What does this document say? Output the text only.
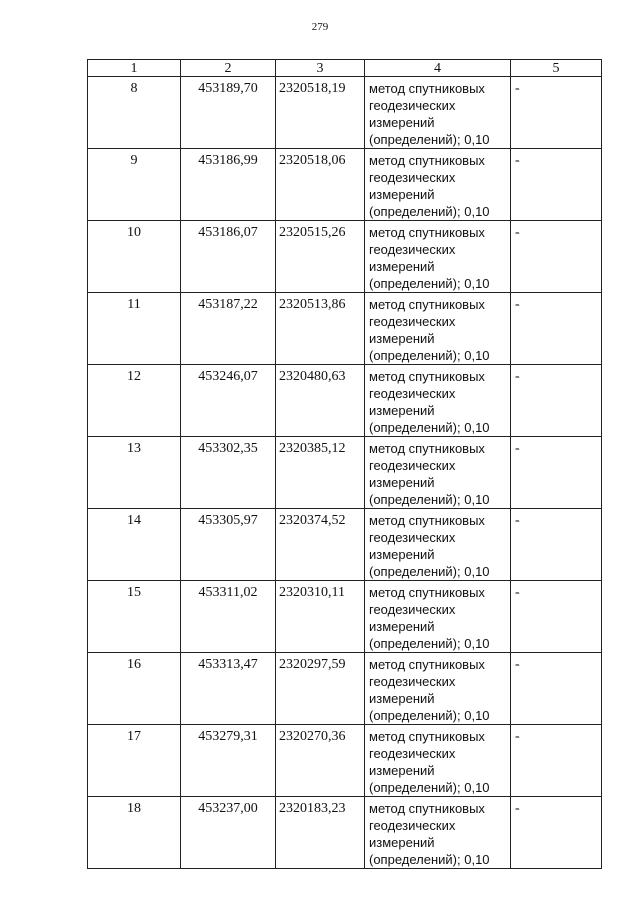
279
1	2	3	4	5
8	453189,70	2320518,19	метод спутниковых
геодезических
измерений
(определений); 0,10	-
9	453186,99	2320518,06	метод спутниковых
геодезических
измерений
(определений); 0,10	-
10	453186,07	2320515,26	метод спутниковых
геодезических
измерений
(определений); 0,10	-
11	453187,22	2320513,86	метод спутниковых
геодезических
измерений
(определений); 0,10	-
12	453246,07	2320480,63	метод спутниковых
геодезических
измерений
(определений); 0,10	-
13	453302,35	2320385,12	метод спутниковых
геодезических
измерений
(определений); 0,10	-
14	453305,97	2320374,52	метод спутниковых
геодезических
измерений
(определений); 0,10	-
15	453311,02	2320310,11	метод спутниковых
геодезических
измерений
(определений); 0,10	-
16	453313,47	2320297,59	метод спутниковых
геодезических
измерений
(определений); 0,10	-
17	453279,31	2320270,36	метод спутниковых
геодезических
измерений
(определений); 0,10	-
18	453237,00	2320183,23	метод спутниковых
геодезических
измерений
(определений); 0,10	-
